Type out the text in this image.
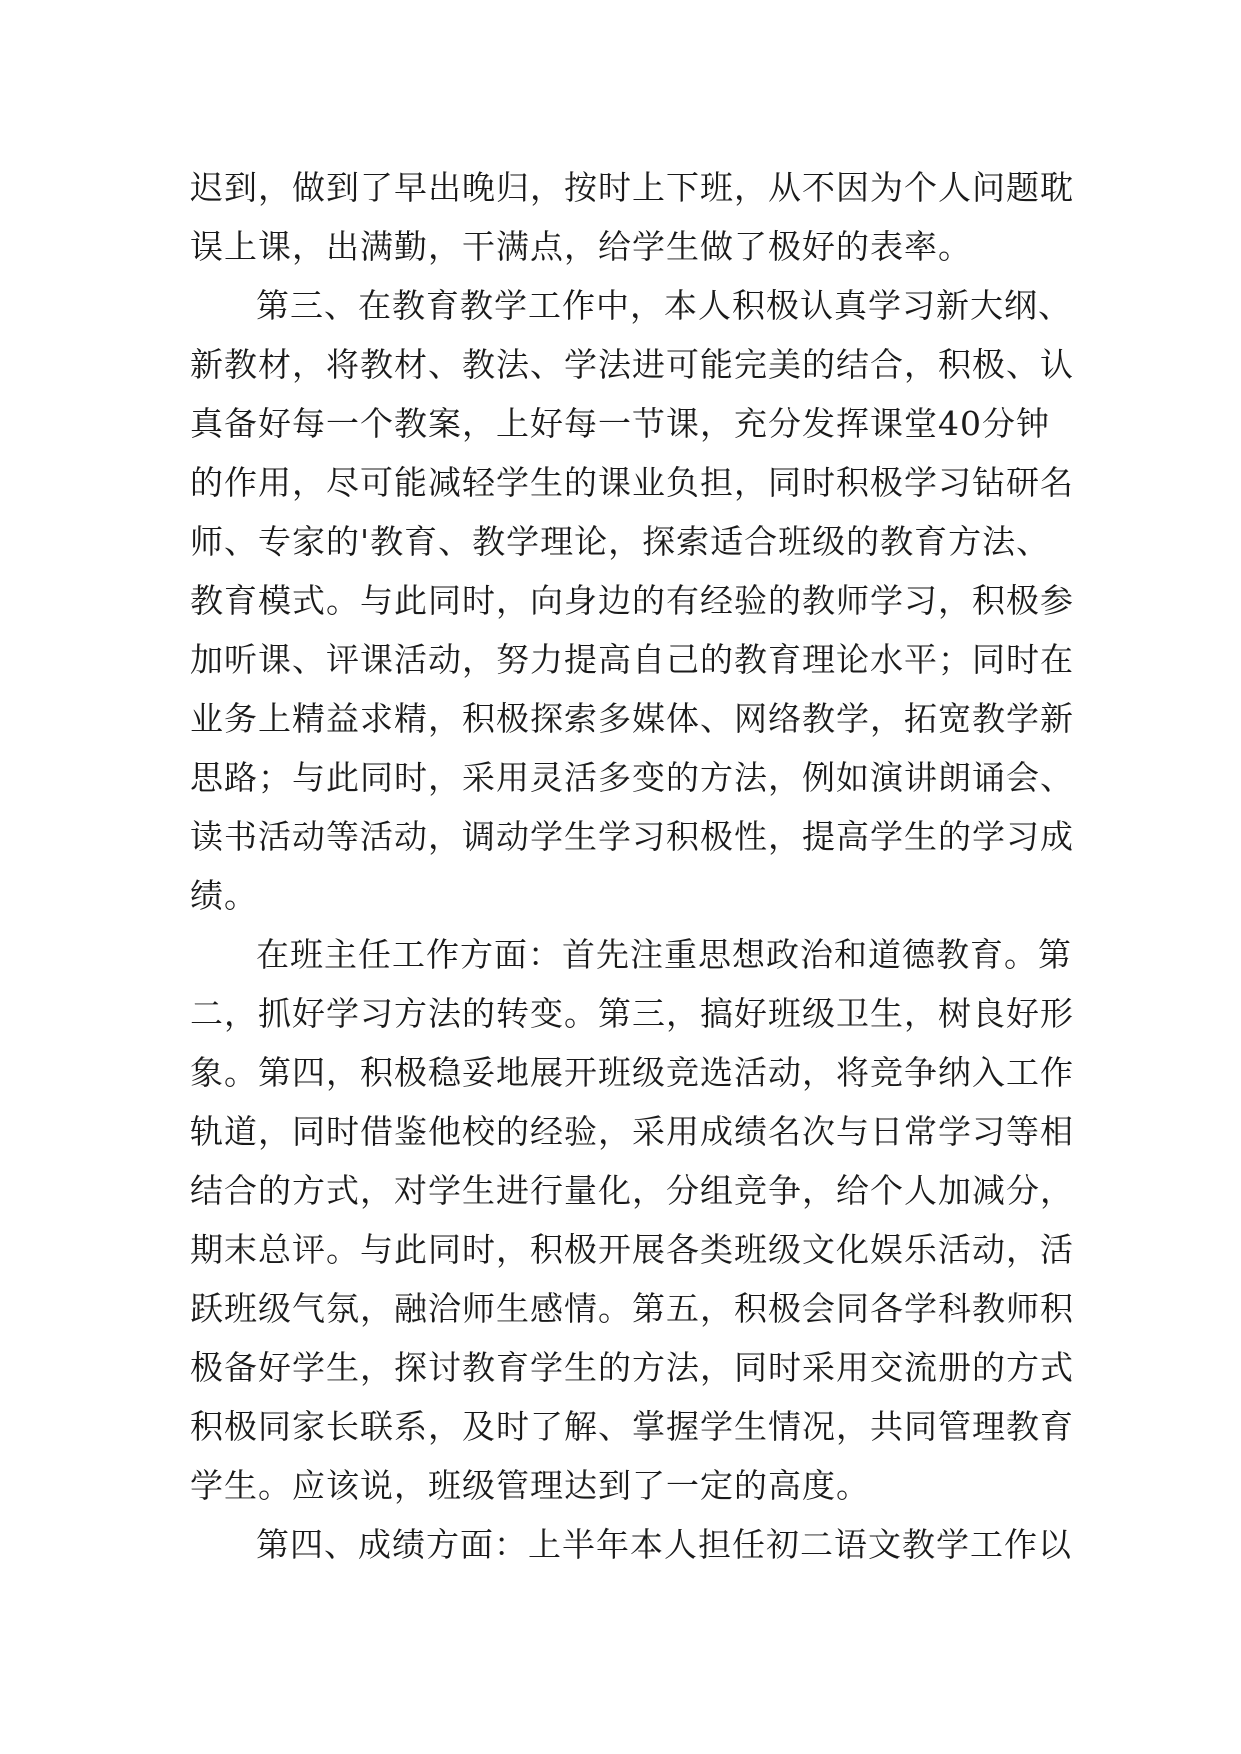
迟到，做到了早出晚归，按时上下班，从不因为个人问题耽
误上课，出满勤，干满点，给学生做了极好的表率。
第三、在教育教学工作中，本人积极认真学习新大纲、
新教材，将教材、教法、学法进可能完美的结合，积极、认
真备好每一个教案，上好每一节课，充分发挥课堂40分钟
的作用，尽可能减轻学生的课业负担，同时积极学习钻研名
师、专家的'教育、教学理论，探索适合班级的教育方法、
教育模式。与此同时，向身边的有经验的教师学习，积极参
加听课、评课活动，努力提高自己的教育理论水平；同时在
业务上精益求精，积极探索多媒体、网络教学，拓宽教学新
思路；与此同时，采用灵活多变的方法，例如演讲朗诵会、
读书活动等活动，调动学生学习积极性，提高学生的学习成
绩。
在班主任工作方面：首先注重思想政治和道德教育。第
二，抓好学习方法的转变。第三，搞好班级卫生，树良好形
象。第四，积极稳妥地展开班级竞选活动，将竞争纳入工作
轨道，同时借鉴他校的经验，采用成绩名次与日常学习等相
结合的方式，对学生进行量化，分组竞争，给个人加减分，
期末总评。与此同时，积极开展各类班级文化娱乐活动，活
跃班级气氛，融洽师生感情。第五，积极会同各学科教师积
极备好学生，探讨教育学生的方法，同时采用交流册的方式
积极同家长联系，及时了解、掌握学生情况，共同管理教育
学生。应该说，班级管理达到了一定的高度。
第四、成绩方面：上半年本人担任初二语文教学工作以
